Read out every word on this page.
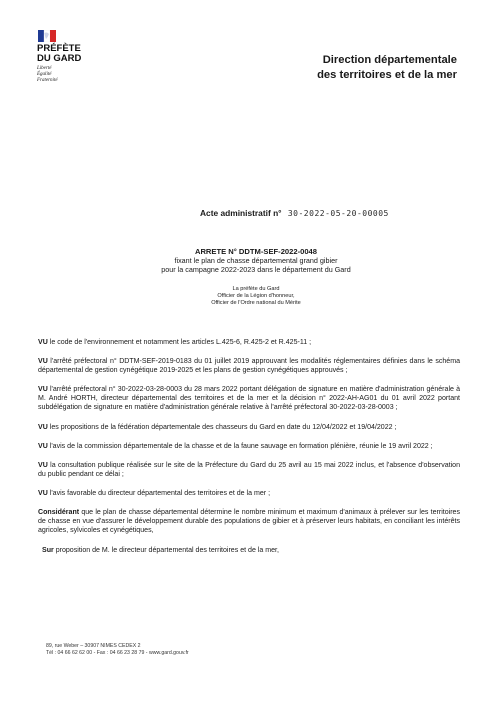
PRÉFÈTE
DU GARD
Liberté
Égalité
Fraternité
Direction départementale
des territoires et de la mer
Acte administratif n° 30-2022-05-20-00005
ARRETE N° DDTM-SEF-2022-0048
fixant le plan de chasse départemental grand gibier
pour la campagne 2022-2023 dans le département du Gard
La préfète du Gard
Officier de la Légion d'honneur,
Officier de l'Ordre national du Mérite

VU le code de l'environnement et notamment les articles L.425-6, R.425-2 et R.425-11 ;

VU l'arrêté préfectoral n° DDTM-SEF-2019-0183 du 01 juillet 2019 approuvant les modalités réglementaires définies dans le schéma départemental de gestion cynégétique 2019-2025 et les plans de gestion cynégétiques approuvés ;

VU l'arrêté préfectoral n° 30-2022-03-28-0003 du 28 mars 2022 portant délégation de signature en matière d'administration générale à M. André HORTH, directeur départemental des territoires et de la mer et la décision n° 2022-AH-AG01 du 01 avril 2022 portant subdélégation de signature en matière d'administration générale relative à l'arrêté préfectoral 30-2022-03-28-0003 ;

VU les propositions de la fédération départementale des chasseurs du Gard en date du 12/04/2022 et 19/04/2022 ;

VU l'avis de la commission départementale de la chasse et de la faune sauvage en formation plénière, réunie le 19 avril 2022 ;

VU la consultation publique réalisée sur le site de la Préfecture du Gard du 25 avril au 15 mai 2022 inclus, et l'absence d'observation du public pendant ce délai ;

VU l'avis favorable du directeur départemental des territoires et de la mer ;

Considérant que le plan de chasse départemental détermine le nombre minimum et maximum d'animaux à prélever sur les territoires de chasse en vue d'assurer le développement durable des populations de gibier et à préserver leurs habitats, en conciliant les intérêts agricoles, sylvicoles et cynégétiques,

Sur proposition de M. le directeur départemental des territoires et de la mer,

89, rue Weber – 30907 NIMES CEDEX 2
Tél : 04 66 62 62 00 - Fax : 04 66 23 28 79 - www.gard.gouv.fr
